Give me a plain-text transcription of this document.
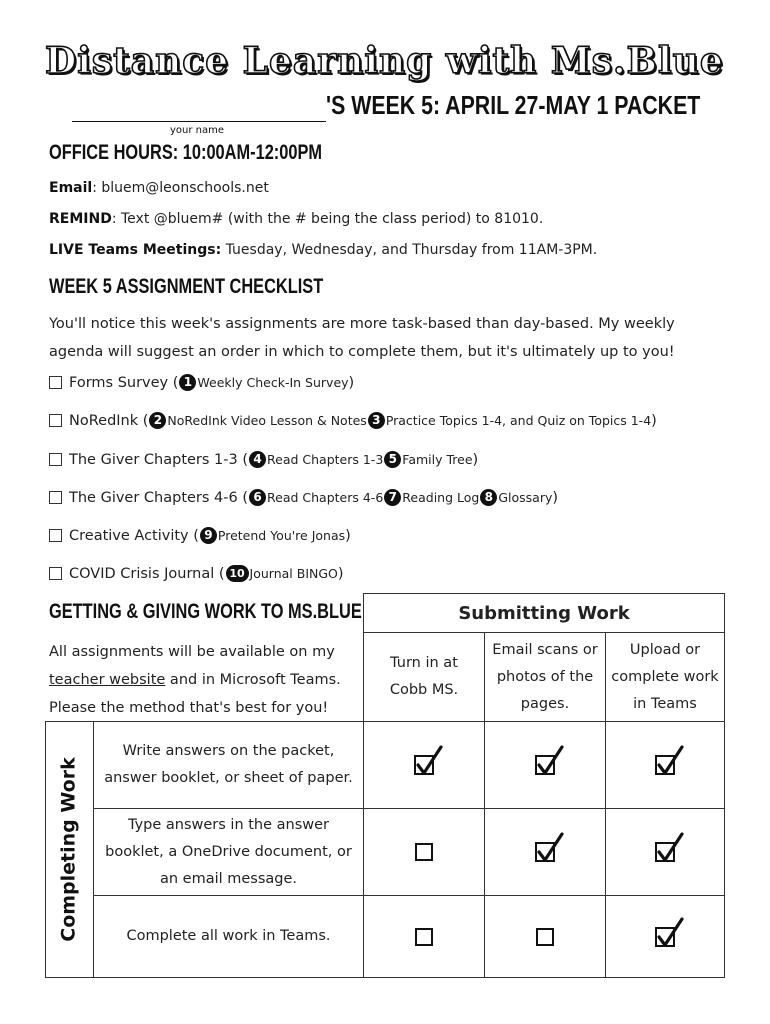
Distance Learning with Ms.Blue
your name
'S WEEK 5: APRIL 27-MAY 1 PACKET
OFFICE HOURS: 10:00AM-12:00PM
Email: bluem@leonschools.net
REMIND: Text @bluem# (with the # being the class period) to 81010.
LIVE Teams Meetings: Tuesday, Wednesday, and Thursday from 11AM-3PM.
WEEK 5 ASSIGNMENT CHECKLIST
You'll notice this week's assignments are more task-based than day-based. My weekly agenda will suggest an order in which to complete them, but it's ultimately up to you!
Forms Survey ( 1 Weekly Check-In Survey )
NoRedInk ( 2 NoRedInk Video Lesson & Notes 3 Practice Topics 1-4, and Quiz on Topics 1-4 )
The Giver Chapters 1-3 ( 4 Read Chapters 1-3 5 Family Tree )
The Giver Chapters 4-6 ( 6 Read Chapters 4-6 7 Reading Log 8 Glossary )
Creative Activity ( 9 Pretend You're Jonas )
COVID Crisis Journal ( 10 Journal BINGO )
GETTING & GIVING WORK TO MS.BLUE
All assignments will be available on my teacher website and in Microsoft Teams. Please the method that's best for you!
Submitting Work
Turn in at Cobb MS.
Email scans or photos of the pages.
Upload or complete work in Teams
Completing Work
Write answers on the packet, answer booklet, or sheet of paper.
Type answers in the answer booklet, a OneDrive document, or an email message.
Complete all work in Teams.
